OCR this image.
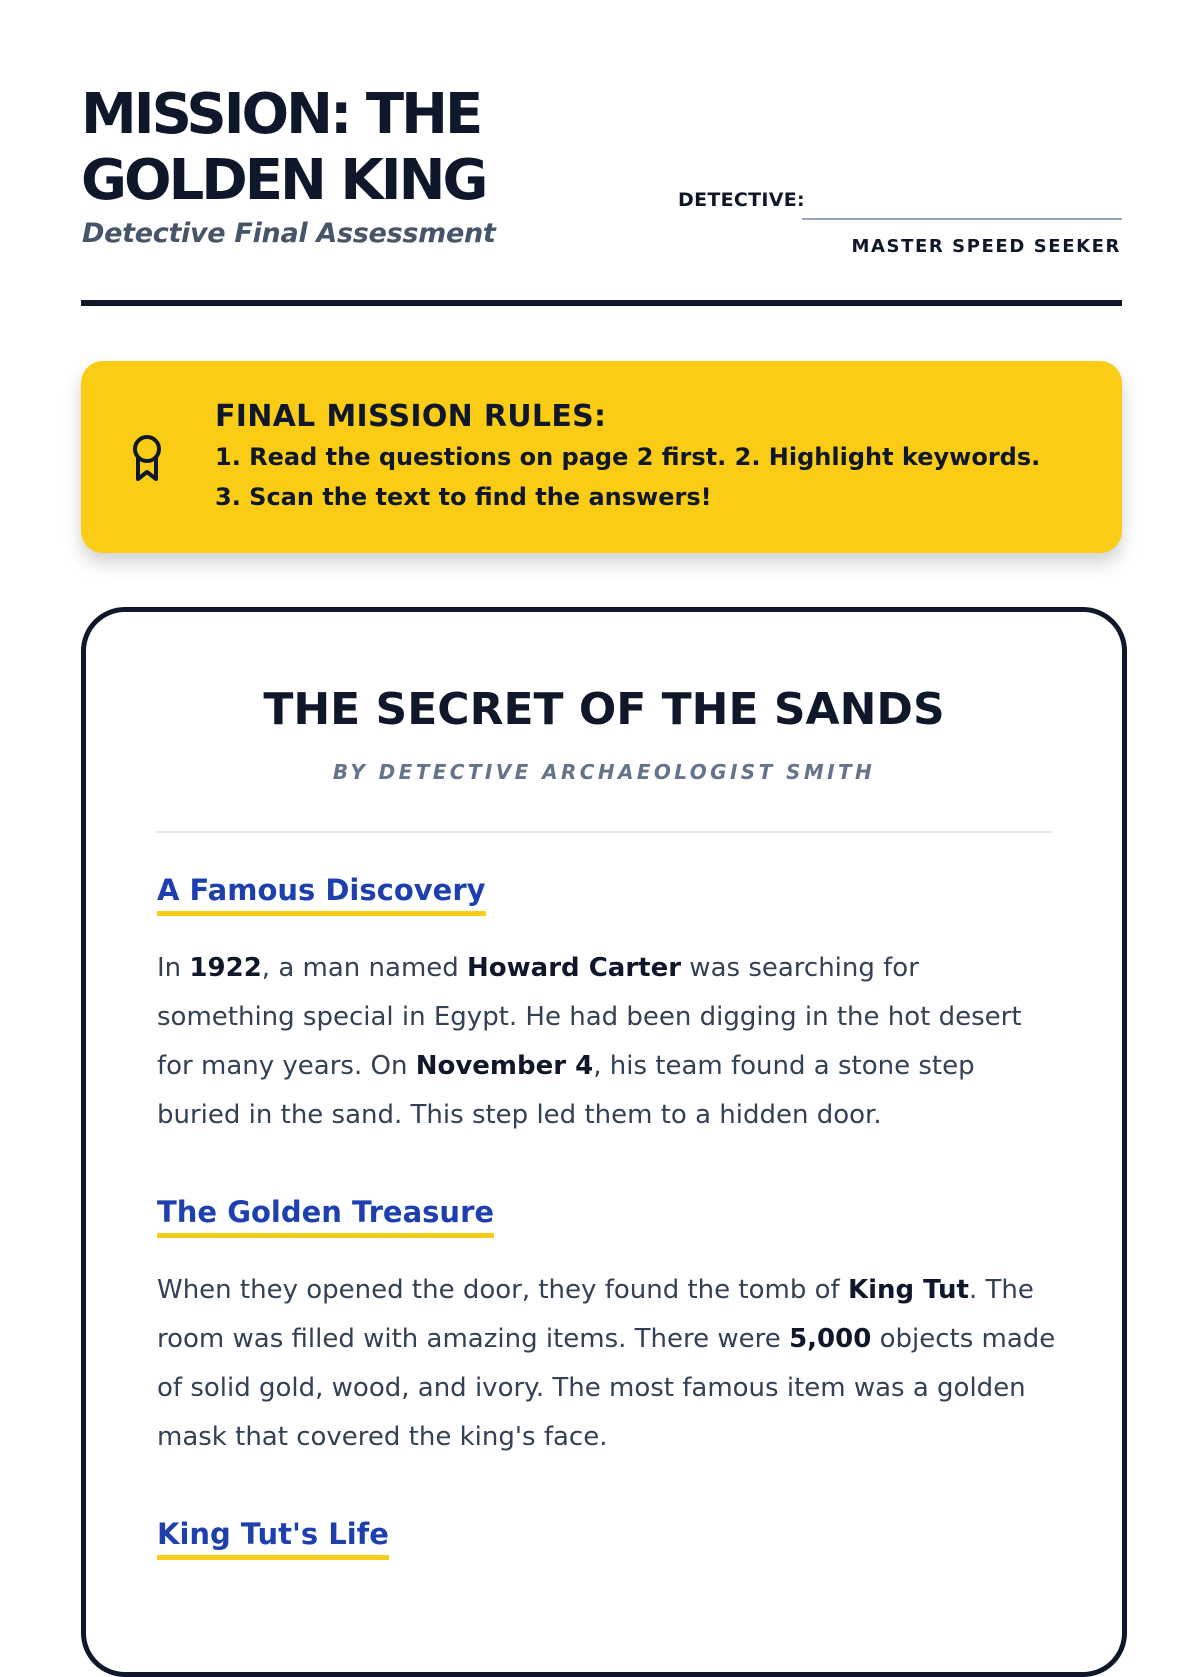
MISSION: THE GOLDEN KING

Detective Final Assessment

DETECTIVE:
MASTER SPEED SEEKER
FINAL MISSION RULES:
1. Read the questions on page 2 first. 2. Highlight keywords. 3. Scan the text to find the answers!
THE SECRET OF THE SANDS
BY DETECTIVE ARCHAEOLOGIST SMITH
A Famous Discovery

In 1922, a man named Howard Carter was searching for something special in Egypt. He had been digging in the hot desert for many years. On November 4, his team found a stone step buried in the sand. This step led them to a hidden door.

The Golden Treasure

When they opened the door, they found the tomb of King Tut. The room was filled with amazing items. There were 5,000 objects made of solid gold, wood, and ivory. The most famous item was a golden mask that covered the king's face.

King Tut's Life
